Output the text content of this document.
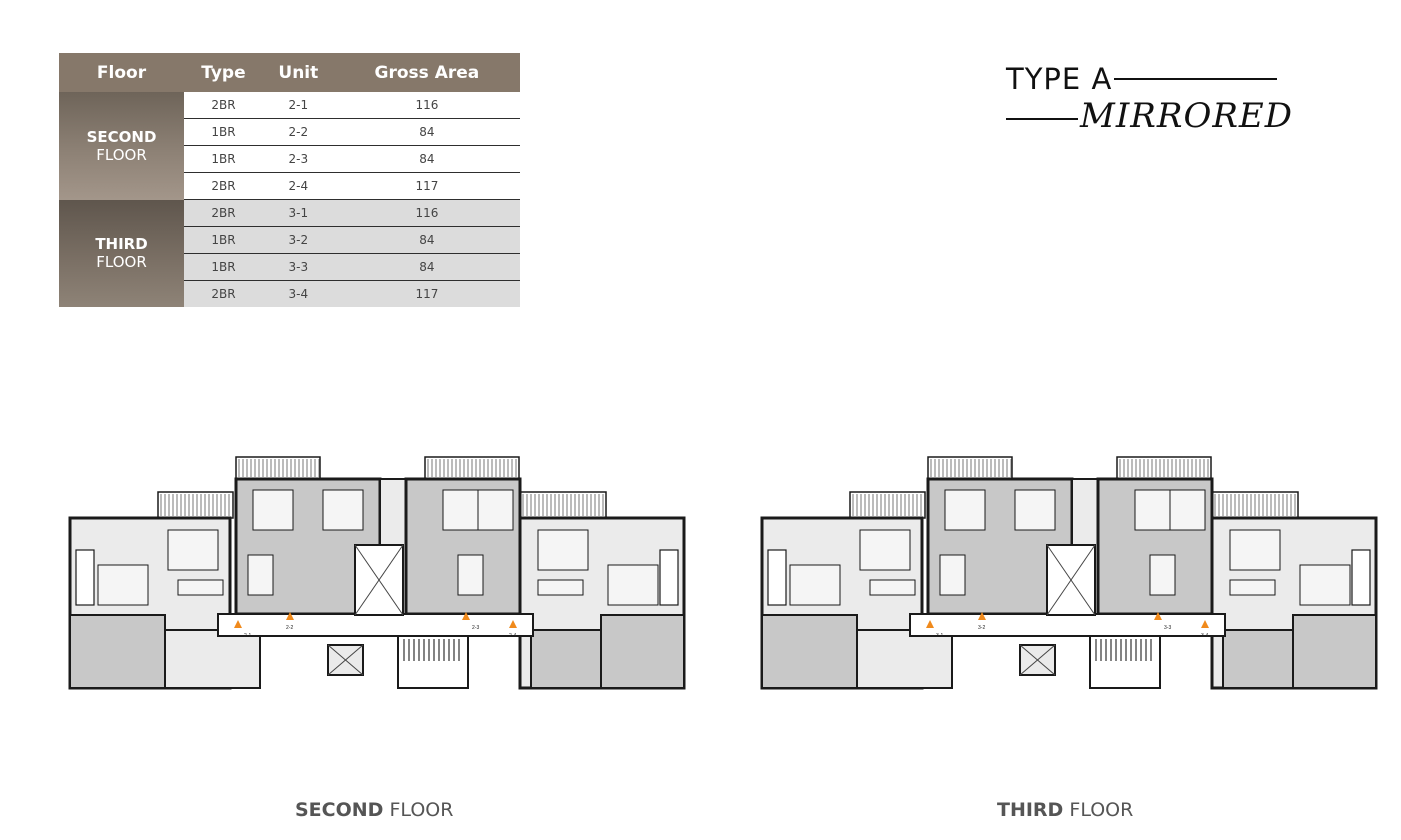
Floor	Type	Unit	Gross Area

SECOND
FLOOR	2BR	2-1	116
	1BR	2-2	84
	1BR	2-3	84
	2BR	2-4	117

THIRD
FLOOR	2BR	3-1	116
	1BR	3-2	84
	1BR	3-3	84
	2BR	3-4	117
TYPE A
MIRRORED
2-1
2-2	2-3
2-4	3-1
3-2	3-3
3-4
SECOND FLOOR	THIRD FLOOR
